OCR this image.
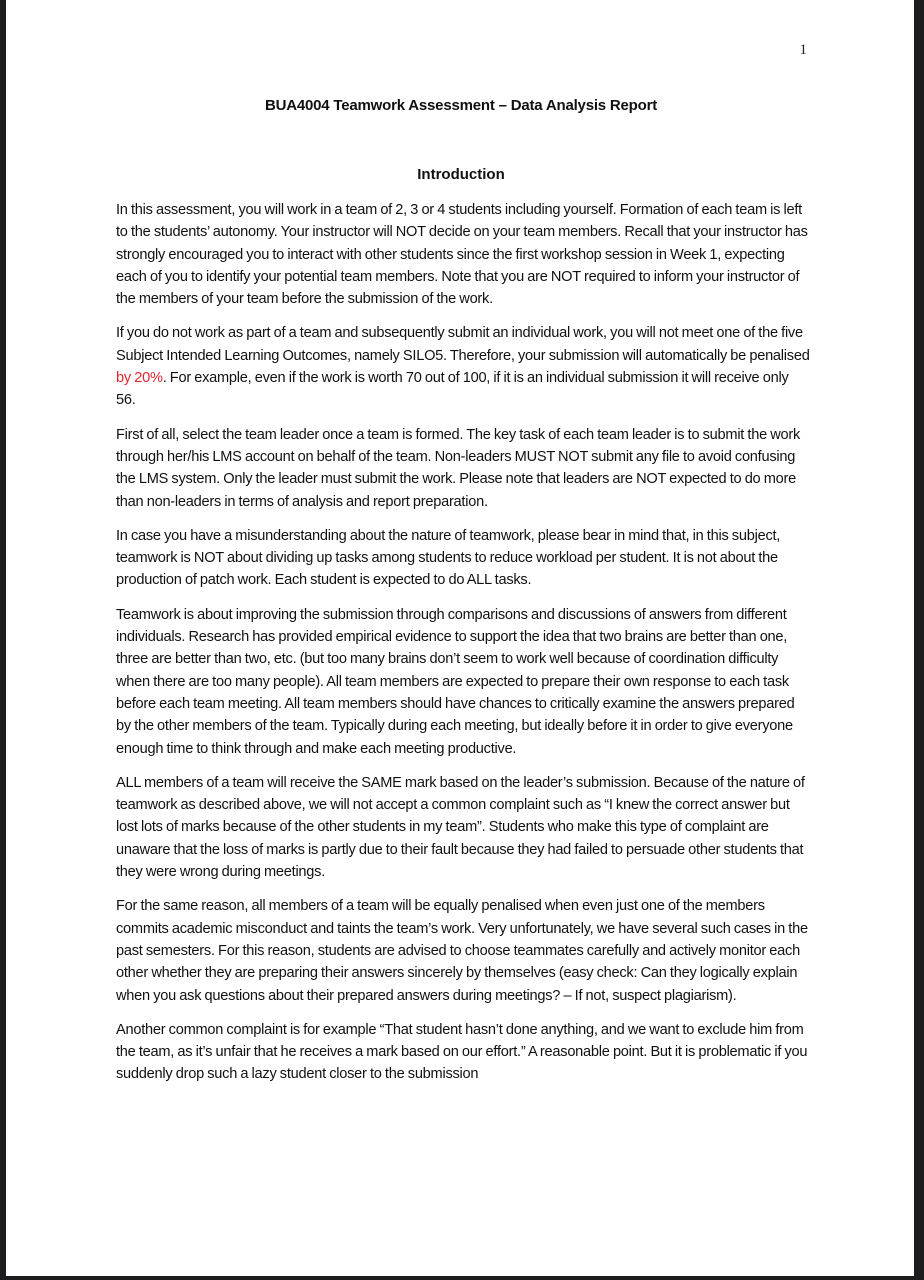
1
BUA4004 Teamwork Assessment – Data Analysis Report
Introduction

In this assessment, you will work in a team of 2, 3 or 4 students including yourself. Formation of each team is left to the students’ autonomy. Your instructor will NOT decide on your team members. Recall that your instructor has strongly encouraged you to interact with other students since the first workshop session in Week 1, expecting each of you to identify your potential team members. Note that you are NOT required to inform your instructor of the members of your team before the submission of the work.

If you do not work as part of a team and subsequently submit an individual work, you will not meet one of the five Subject Intended Learning Outcomes, namely SILO5. Therefore, your submission will automatically be penalised by 20%. For example, even if the work is worth 70 out of 100, if it is an individual submission it will receive only 56.

First of all, select the team leader once a team is formed. The key task of each team leader is to submit the work through her/his LMS account on behalf of the team. Non-leaders MUST NOT submit any file to avoid confusing the LMS system. Only the leader must submit the work. Please note that leaders are NOT expected to do more than non-leaders in terms of analysis and report preparation.

In case you have a misunderstanding about the nature of teamwork, please bear in mind that, in this subject, teamwork is NOT about dividing up tasks among students to reduce workload per student. It is not about the production of patch work. Each student is expected to do ALL tasks.

Teamwork is about improving the submission through comparisons and discussions of answers from different individuals. Research has provided empirical evidence to support the idea that two brains are better than one, three are better than two, etc. (but too many brains don’t seem to work well because of coordination difficulty when there are too many people). All team members are expected to prepare their own response to each task before each team meeting. All team members should have chances to critically examine the answers prepared by the other members of the team. Typically during each meeting, but ideally before it in order to give everyone enough time to think through and make each meeting productive.

ALL members of a team will receive the SAME mark based on the leader’s submission. Because of the nature of teamwork as described above, we will not accept a common complaint such as “I knew the correct answer but lost lots of marks because of the other students in my team”. Students who make this type of complaint are unaware that the loss of marks is partly due to their fault because they had failed to persuade other students that they were wrong during meetings.

For the same reason, all members of a team will be equally penalised when even just one of the members commits academic misconduct and taints the team’s work. Very unfortunately, we have several such cases in the past semesters. For this reason, students are advised to choose teammates carefully and actively monitor each other whether they are preparing their answers sincerely by themselves (easy check: Can they logically explain when you ask questions about their prepared answers during meetings? – If not, suspect plagiarism).

Another common complaint is for example “That student hasn’t done anything, and we want to exclude him from the team, as it’s unfair that he receives a mark based on our effort.” A reasonable point. But it is problematic if you suddenly drop such a lazy student closer to the submission
